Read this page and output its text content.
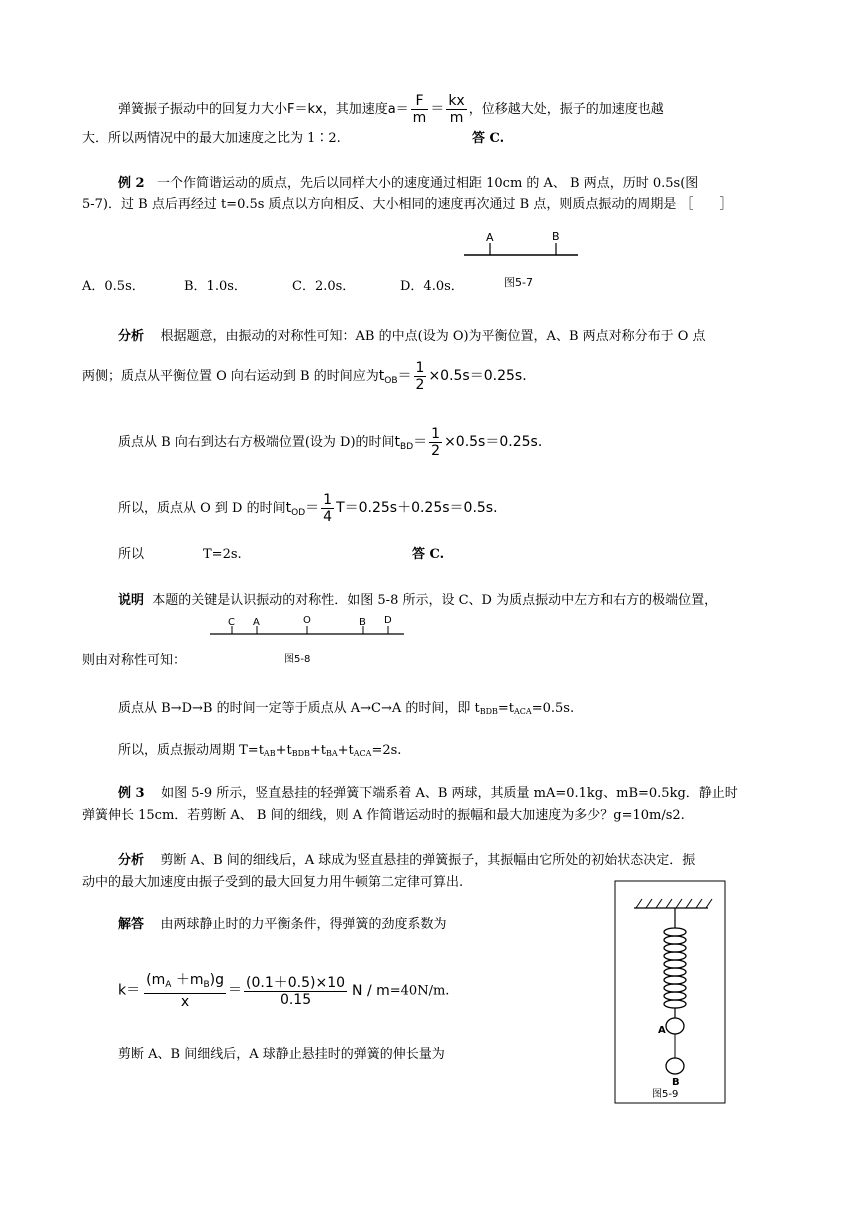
弹簧振子振动中的回复力大小F＝kx，其加速度$a= \frac{F}{m} = \frac{kx}{m}$ ，位移越大处，振子的加速度也越
大．所以两情况中的最大加速度之比为 1∶2.	答 C.
例 2 一个作简谐运动的质点，先后以同样大小的速度通过相距 10cm 的 A、 B 两点，历时 0.5s(图
5-7)．过 B 点后再经过 t=0.5s 质点以方向相反、大小相同的速度再次通过 B 点，则质点振动的周期是 ［　　］
A	B
图5-7
A．0.5s．	B．1.0s．	C．2.0s．	D．4.0s．
分析 根据题意，由振动的对称性可知：AB 的中点(设为 O)为平衡位置，A、B 两点对称分布于 O 点
两侧；质点从平衡位置 O 向右运动到 B 的时间应为$t_{OB}= \frac{1}{2} \times 0.5s=0.25s$.
质点从 B 向右到达右方极端位置(设为 D)的时间$t_{BD}= \frac{1}{2} \times 0.5s=0.25s$.
所以，质点从 O 到 D 的时间$t_{OD}= \frac{1}{4} T=0.25s+0.25s=0.5s$.
所以	T=2s.	答 C.
说明 本题的关键是认识振动的对称性．如图 5-8 所示，设 C、D 为质点振动中左方和右方的极端位置，
C A	O	B D
图5-8
则由对称性可知：
质点从 B→D→B 的时间一定等于质点从 A→C→A 的时间，即 tBDB=tACA=0.5s.
所以，质点振动周期 T=tAB+tBDB+tBA+tACA=2s.
例 3 如图 5-9 所示，竖直悬挂的轻弹簧下端系着 A、B 两球，其质量 mA=0.1kg、mB=0.5kg．静止时
弹簧伸长 15cm．若剪断 A、 B 间的细线，则 A 作简谐运动时的振幅和最大加速度为多少？g=10m/s2.
分析 剪断 A、B 间的细线后，A 球成为竖直悬挂的弹簧振子，其振幅由它所处的初始状态决定．振
动中的最大加速度由振子受到的最大回复力用牛顿第二定律可算出.
解答 由两球静止时的力平衡条件，得弹簧的劲度系数为
$k= \frac{(m_A +m_B)g}{x} = \frac{(0.1+0.5)\times 10}{0.15}$ N / m=40N/m.
剪断 A、B 间细线后，A 球静止悬挂时的弹簧的伸长量为
A
B
图5-9
